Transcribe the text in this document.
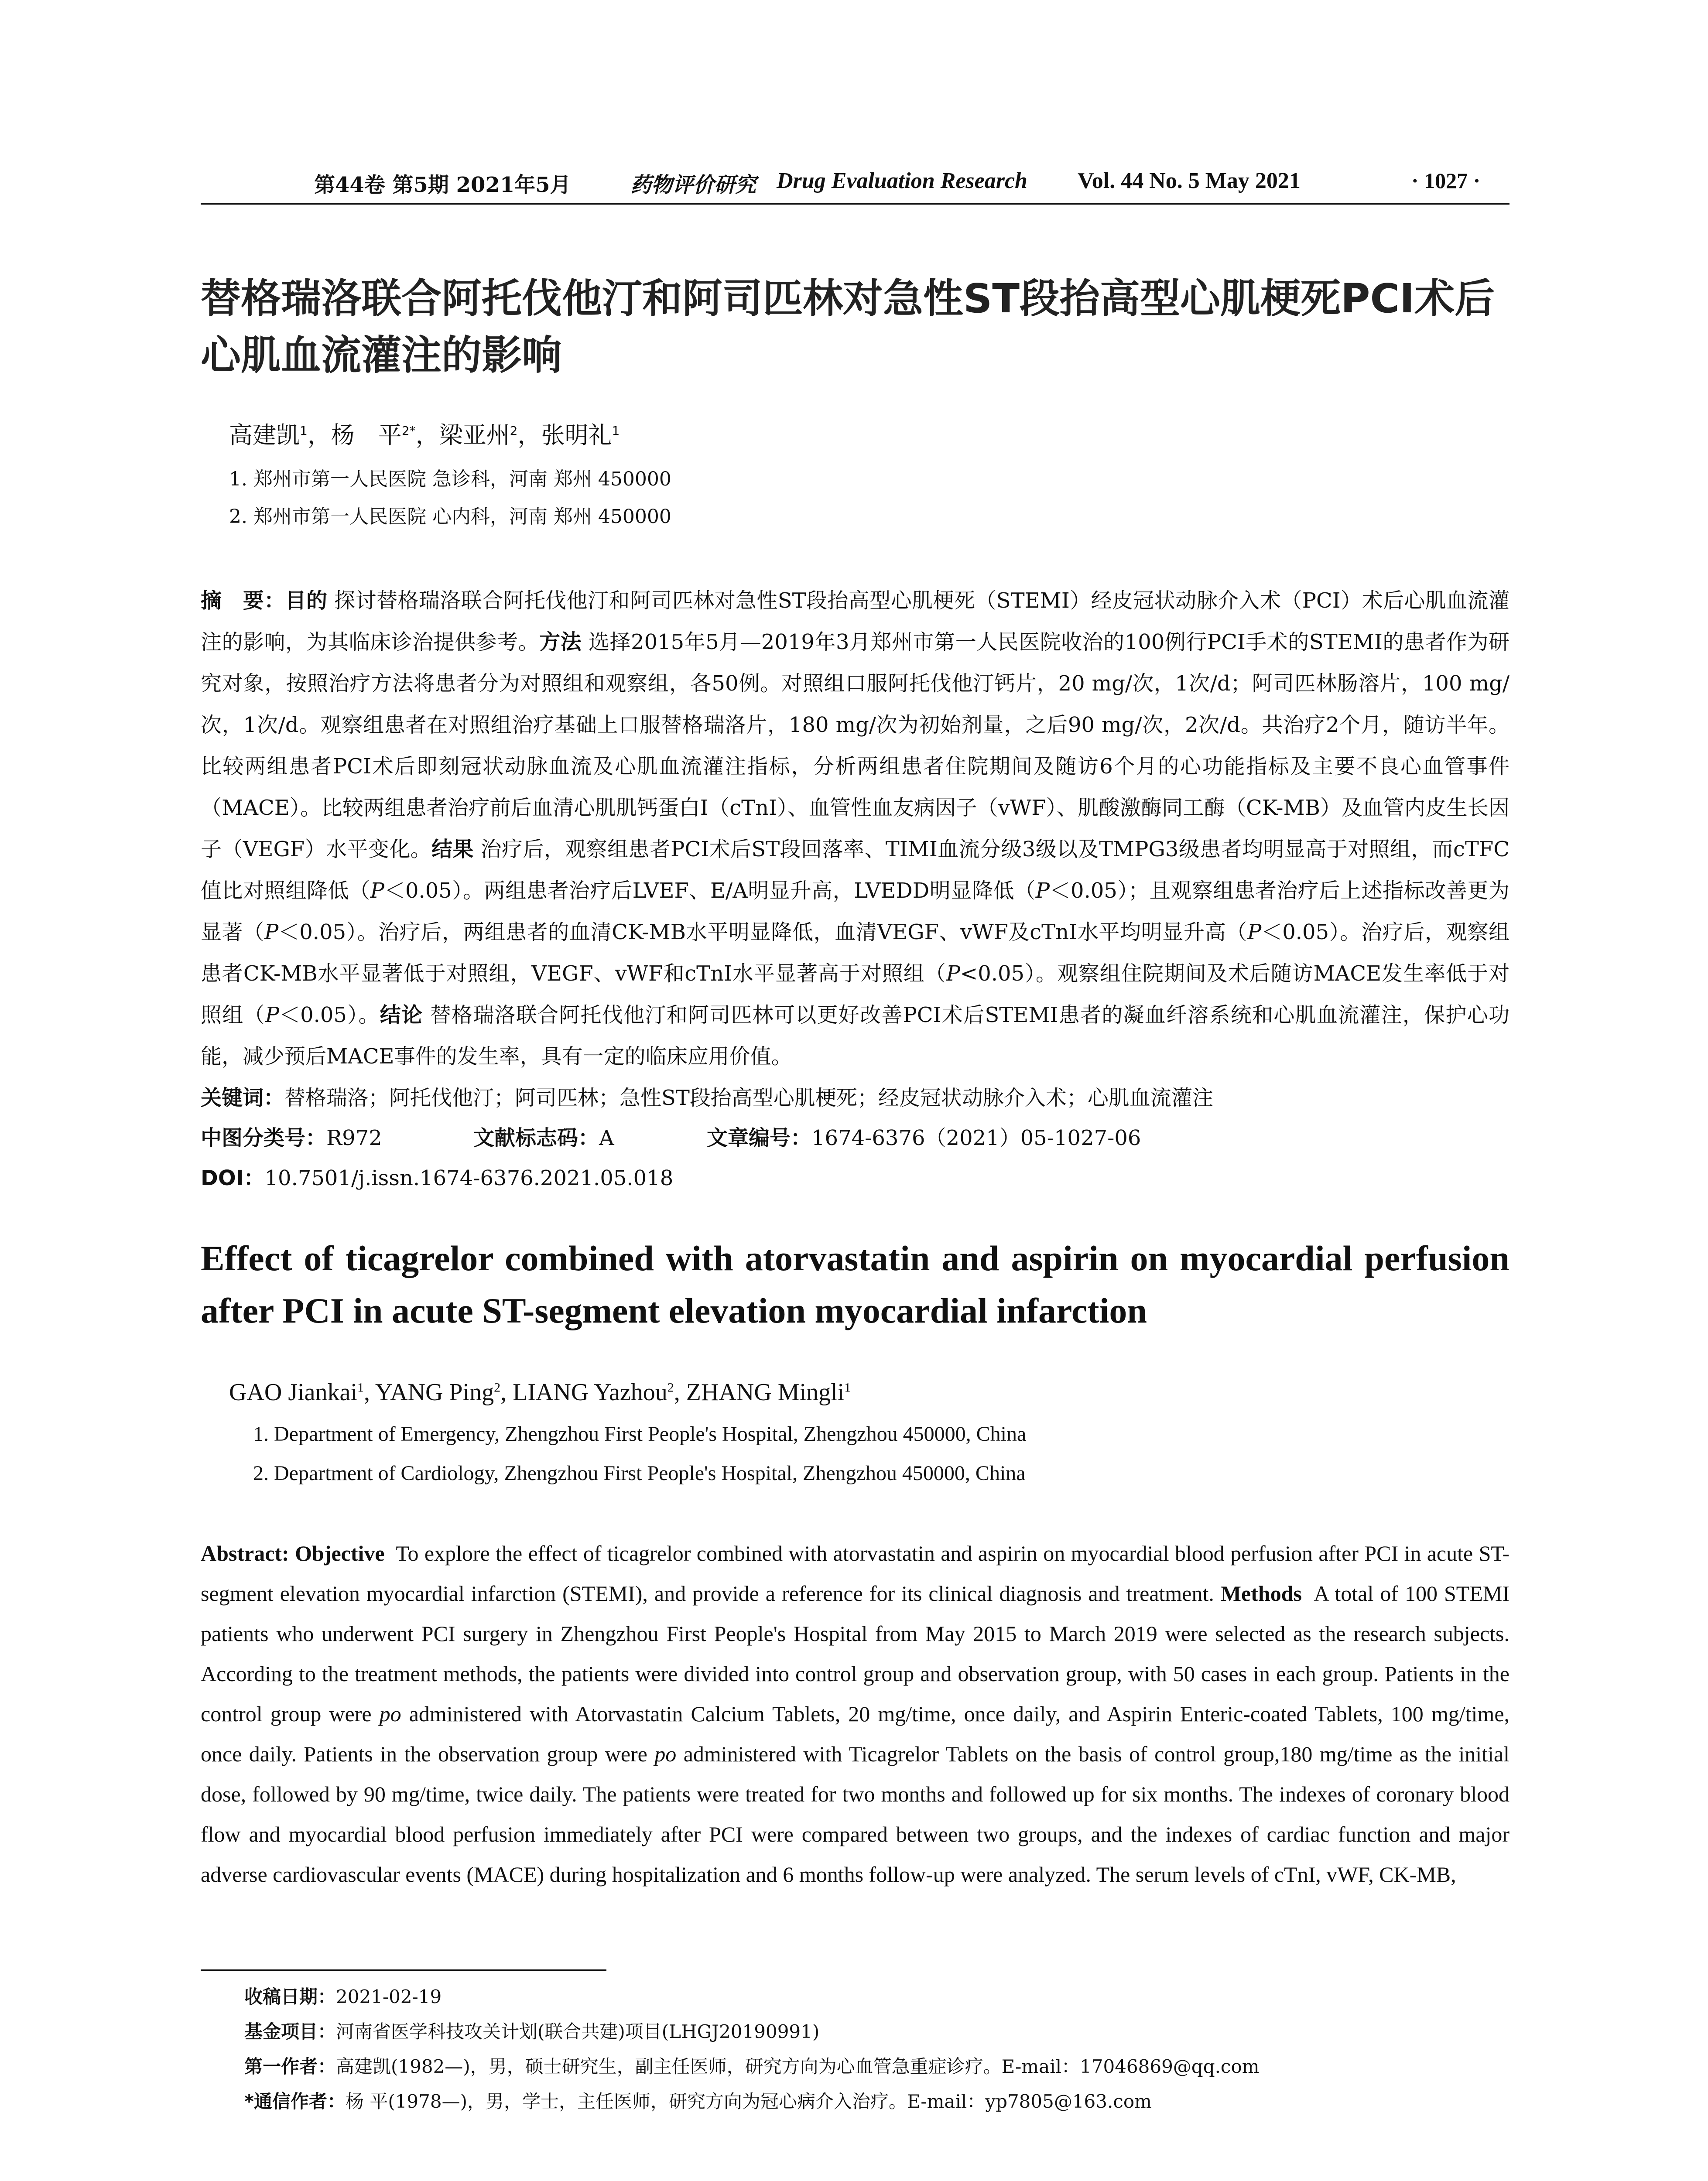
第44卷 第5期 2021年5月	药物评价研究 Drug Evaluation Research Vol. 44 No. 5 May 2021	· 1027 ·
替格瑞洛联合阿托伐他汀和阿司匹林对急性ST段抬高型心肌梗死PCI术后心肌血流灌注的影响
高建凯$^1$，杨　平$^{2*}$，梁亚州$^2$，张明礼$^1$
1. 郑州市第一人民医院 急诊科，河南 郑州 450000
2. 郑州市第一人民医院 心内科，河南 郑州 450000
摘　要：目的 探讨替格瑞洛联合阿托伐他汀和阿司匹林对急性ST段抬高型心肌梗死（STEMI）经皮冠状动脉介入术（PCI）术后心肌血流灌注的影响，为其临床诊治提供参考。方法 选择2015年5月—2019年3月郑州市第一人民医院收治的100例行PCI手术的STEMI的患者作为研究对象，按照治疗方法将患者分为对照组和观察组，各50例。对照组口服阿托伐他汀钙片，20 mg/次，1次/d；阿司匹林肠溶片，100 mg/次，1次/d。观察组患者在对照组治疗基础上口服替格瑞洛片，180 mg/次为初始剂量，之后90 mg/次，2次/d。共治疗2个月，随访半年。比较两组患者PCI术后即刻冠状动脉血流及心肌血流灌注指标，分析两组患者住院期间及随访6个月的心功能指标及主要不良心血管事件（MACE）。比较两组患者治疗前后血清心肌肌钙蛋白I（cTnI）、血管性血友病因子（vWF）、肌酸激酶同工酶（CK-MB）及血管内皮生长因子（VEGF）水平变化。结果 治疗后，观察组患者PCI术后ST段回落率、TIMI血流分级3级以及TMPG3级患者均明显高于对照组，而cTFC值比对照组降低（P＜0.05）。两组患者治疗后LVEF、E/A明显升高，LVEDD明显降低（P＜0.05）；且观察组患者治疗后上述指标改善更为显著（P＜0.05）。治疗后，两组患者的血清CK-MB水平明显降低，血清VEGF、vWF及cTnI水平均明显升高（P＜0.05）。治疗后，观察组患者CK-MB水平显著低于对照组，VEGF、vWF和cTnI水平显著高于对照组（P<0.05）。观察组住院期间及术后随访MACE发生率低于对照组（P＜0.05）。结论 替格瑞洛联合阿托伐他汀和阿司匹林可以更好改善PCI术后STEMI患者的凝血纤溶系统和心肌血流灌注，保护心功能，减少预后MACE事件的发生率，具有一定的临床应用价值。
关键词：替格瑞洛；阿托伐他汀；阿司匹林；急性ST段抬高型心肌梗死；经皮冠状动脉介入术；心肌血流灌注
中图分类号：R972	文献标志码：A	文章编号：1674-6376（2021）05-1027-06
DOI：10.7501/j.issn.1674-6376.2021.05.018
Effect of ticagrelor combined with atorvastatin and aspirin on myocardial perfusion after PCI in acute ST-segment elevation myocardial infarction
GAO Jiankai$^1$, YANG Ping$^2$, LIANG Yazhou$^2$, ZHANG Mingli$^1$
1. Department of Emergency, Zhengzhou First People's Hospital, Zhengzhou 450000, China
2. Department of Cardiology, Zhengzhou First People's Hospital, Zhengzhou 450000, China
Abstract: Objective To explore the effect of ticagrelor combined with atorvastatin and aspirin on myocardial blood perfusion after PCI in acute ST-segment elevation myocardial infarction (STEMI), and provide a reference for its clinical diagnosis and treatment. Methods A total of 100 STEMI patients who underwent PCI surgery in Zhengzhou First People's Hospital from May 2015 to March 2019 were selected as the research subjects. According to the treatment methods, the patients were divided into control group and observation group, with 50 cases in each group. Patients in the control group were po administered with Atorvastatin Calcium Tablets, 20 mg/time, once daily, and Aspirin Enteric-coated Tablets, 100 mg/time, once daily. Patients in the observation group were po administered with Ticagrelor Tablets on the basis of control group,180 mg/time as the initial dose, followed by 90 mg/time, twice daily. The patients were treated for two months and followed up for six months. The indexes of coronary blood flow and myocardial blood perfusion immediately after PCI were compared between two groups, and the indexes of cardiac function and major adverse cardiovascular events (MACE) during hospitalization and 6 months follow-up were analyzed. The serum levels of cTnI, vWF, CK-MB,
收稿日期：2021-02-19
基金项目：河南省医学科技攻关计划(联合共建)项目(LHGJ20190991)
第一作者：高建凯(1982—)，男，硕士研究生，副主任医师，研究方向为心血管急重症诊疗。E-mail：17046869@qq.com
*通信作者：杨 平(1978—)，男，学士，主任医师，研究方向为冠心病介入治疗。E-mail：yp7805@163.com
